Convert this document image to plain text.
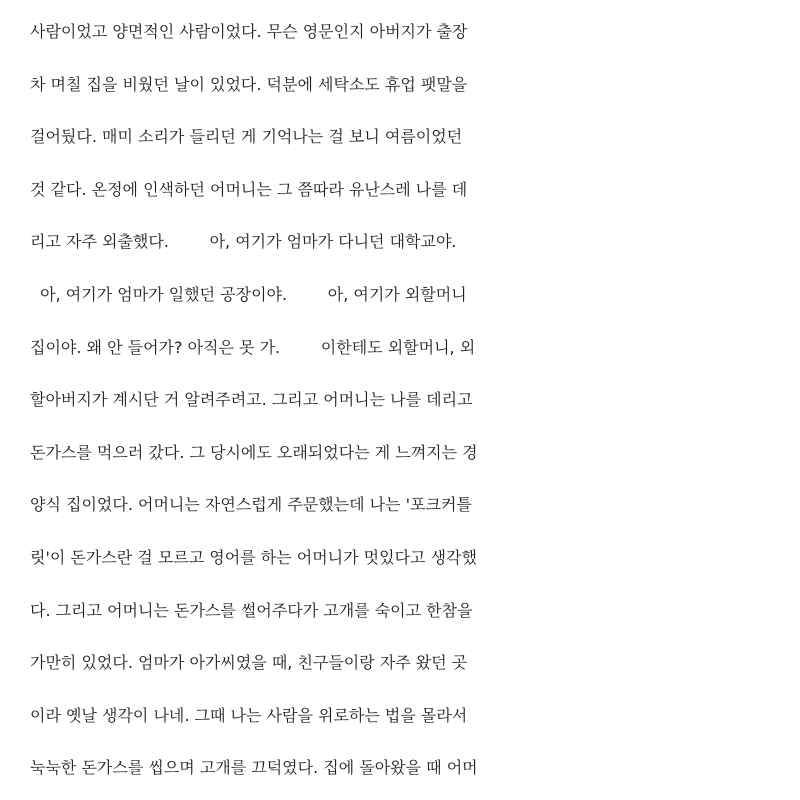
사람이었고 양면적인 사람이었다. 무슨 영문인지 아버지가 출장
차 며칠 집을 비웠던 날이 있었다. 덕분에 세탁소도 휴업 팻말을
걸어뒀다. 매미 소리가 들리던 게 기억나는 걸 보니 여름이었던
것 같다. 온정에 인색하던 어머니는 그 쯤따라 유난스레 나를 데
리고 자주 외출했다.        아, 여기가 엄마가 다니던 대학교야.
아, 여기가 엄마가 일했던 공장이야.        아, 여기가 외할머니
집이야. 왜 안 들어가? 아직은 못 가.        이한테도 외할머니, 외
할아버지가 계시단 거 알려주려고. 그리고 어머니는 나를 데리고
돈가스를 먹으러 갔다. 그 당시에도 오래되었다는 게 느껴지는 경
양식 집이었다. 어머니는 자연스럽게 주문했는데 나는 '포크커틀
릿'이 돈가스란 걸 모르고 영어를 하는 어머니가 멋있다고 생각했
다. 그리고 어머니는 돈가스를 썰어주다가 고개를 숙이고 한참을
가만히 있었다. 엄마가 아가씨였을 때, 친구들이랑 자주 왔던 곳
이라 옛날 생각이 나네. 그때 나는 사람을 위로하는 법을 몰라서
눅눅한 돈가스를 씹으며 고개를 끄덕였다. 집에 돌아왔을 때 어머
